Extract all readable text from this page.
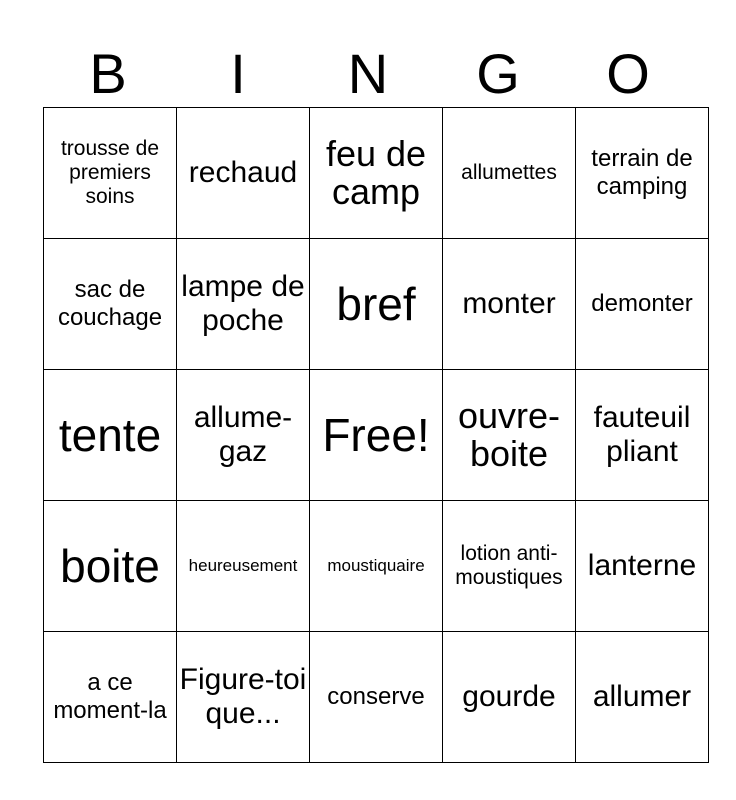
B	I	N	G	O
trousse de premiers soins	rechaud	feu de camp	allumettes	terrain de camping

sac de couchage	lampe de poche	bref	monter	demonter

tente	allume-gaz	Free!	ouvre-boite	fauteuil pliant

boite	heureusement	moustiquaire	lotion anti-moustiques	lanterne

a ce moment-la	Figure-toi que...	conserve	gourde	allumer
